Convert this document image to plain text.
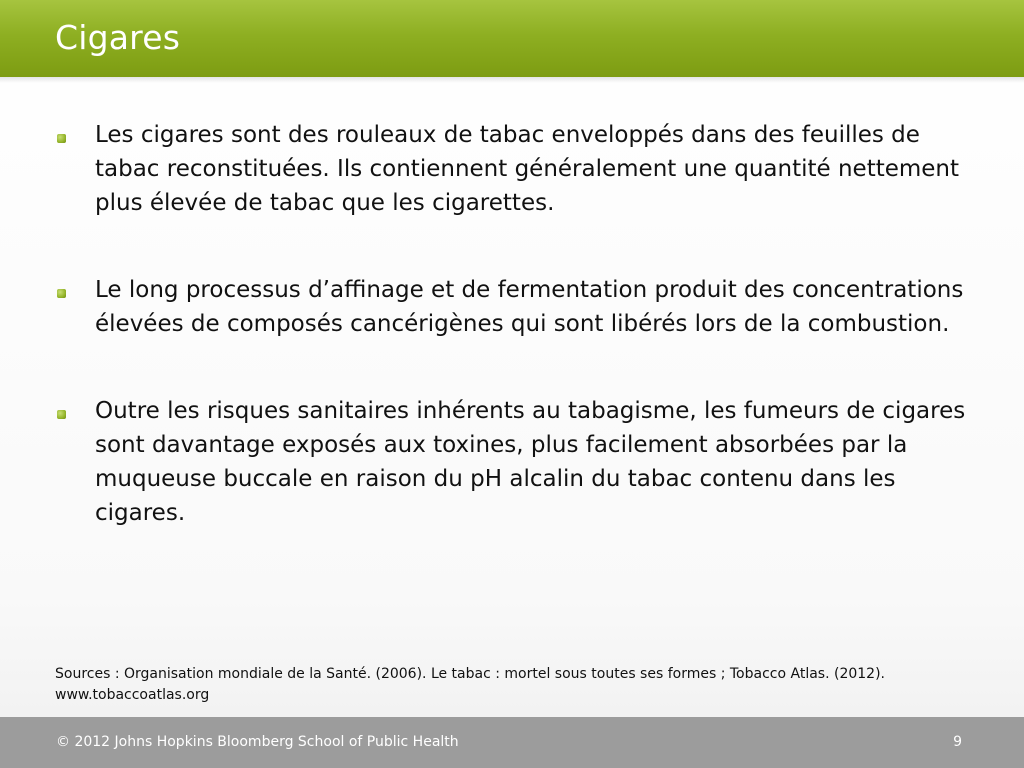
Cigares
Les cigares sont des rouleaux de tabac enveloppés dans des feuilles de tabac reconstituées. Ils contiennent généralement une quantité nettement plus élevée de tabac que les cigarettes.
Le long processus d’affinage et de fermentation produit des concentrations élevées de composés cancérigènes qui sont libérés lors de la combustion.
Outre les risques sanitaires inhérents au tabagisme, les fumeurs de cigares sont davantage exposés aux toxines, plus facilement absorbées par la muqueuse buccale en raison du pH alcalin du tabac contenu dans les cigares.

Sources : Organisation mondiale de la Santé. (2006). Le tabac : mortel sous toutes ses formes ; Tobacco Atlas. (2012). www.tobaccoatlas.org

© 2012 Johns Hopkins Bloomberg School of Public Health	9
